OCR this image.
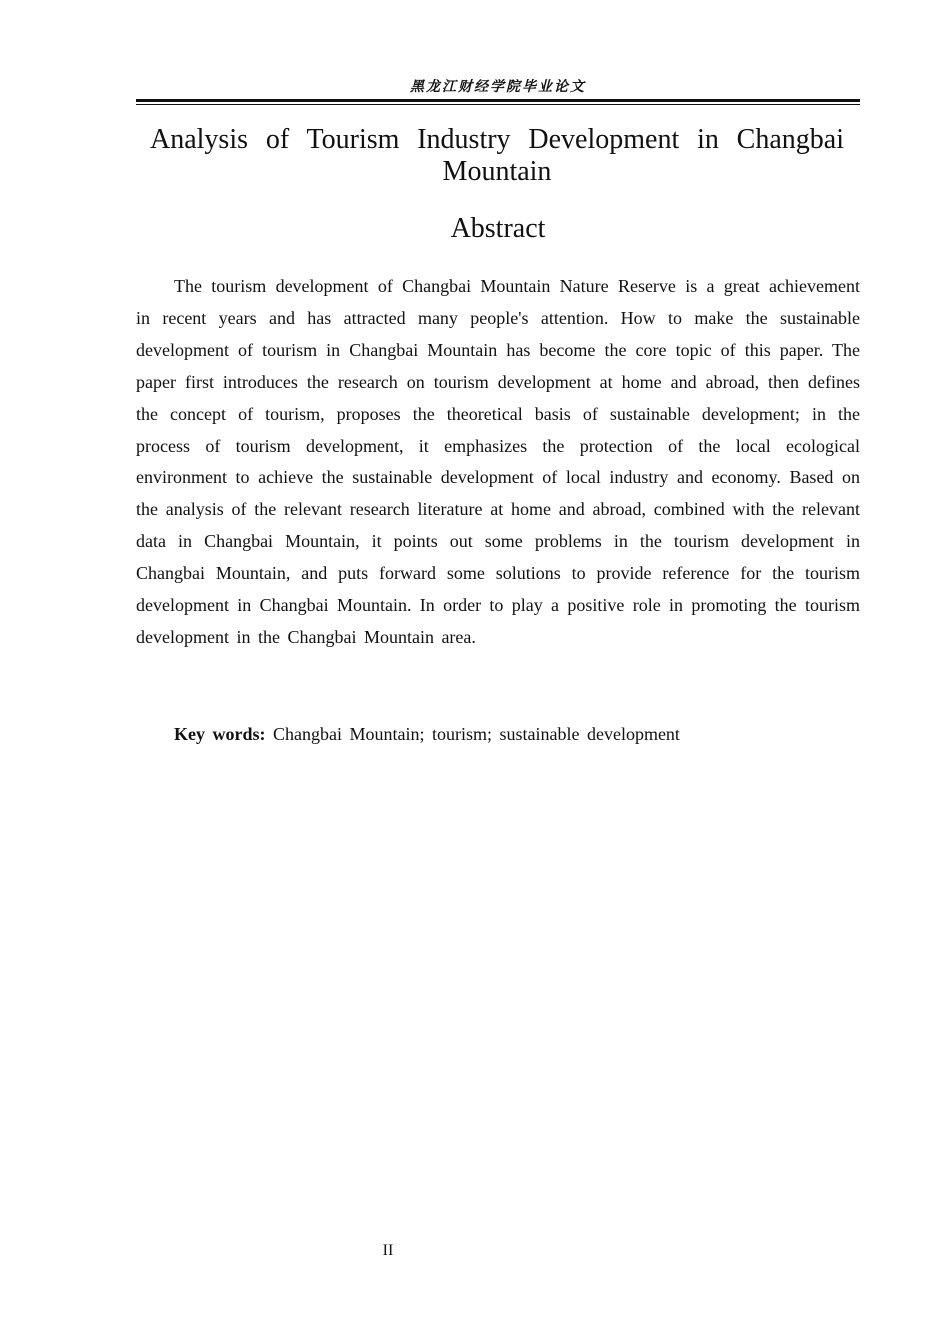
黑龙江财经学院毕业论文
Analysis of Tourism Industry Development in Changbai Mountain
Abstract

The tourism development of Changbai Mountain Nature Reserve is a great achievement in recent years and has attracted many people's attention. How to make the sustainable development of tourism in Changbai Mountain has become the core topic of this paper. The paper first introduces the research on tourism development at home and abroad, then defines the concept of tourism, proposes the theoretical basis of sustainable development; in the process of tourism development, it emphasizes the protection of the local ecological environment to achieve the sustainable development of local industry and economy. Based on the analysis of the relevant research literature at home and abroad, combined with the relevant data in Changbai Mountain, it points out some problems in the tourism development in Changbai Mountain, and puts forward some solutions to provide reference for the tourism development in Changbai Mountain. In order to play a positive role in promoting the tourism development in the Changbai Mountain area.

Key words: Changbai Mountain; tourism; sustainable development

II
